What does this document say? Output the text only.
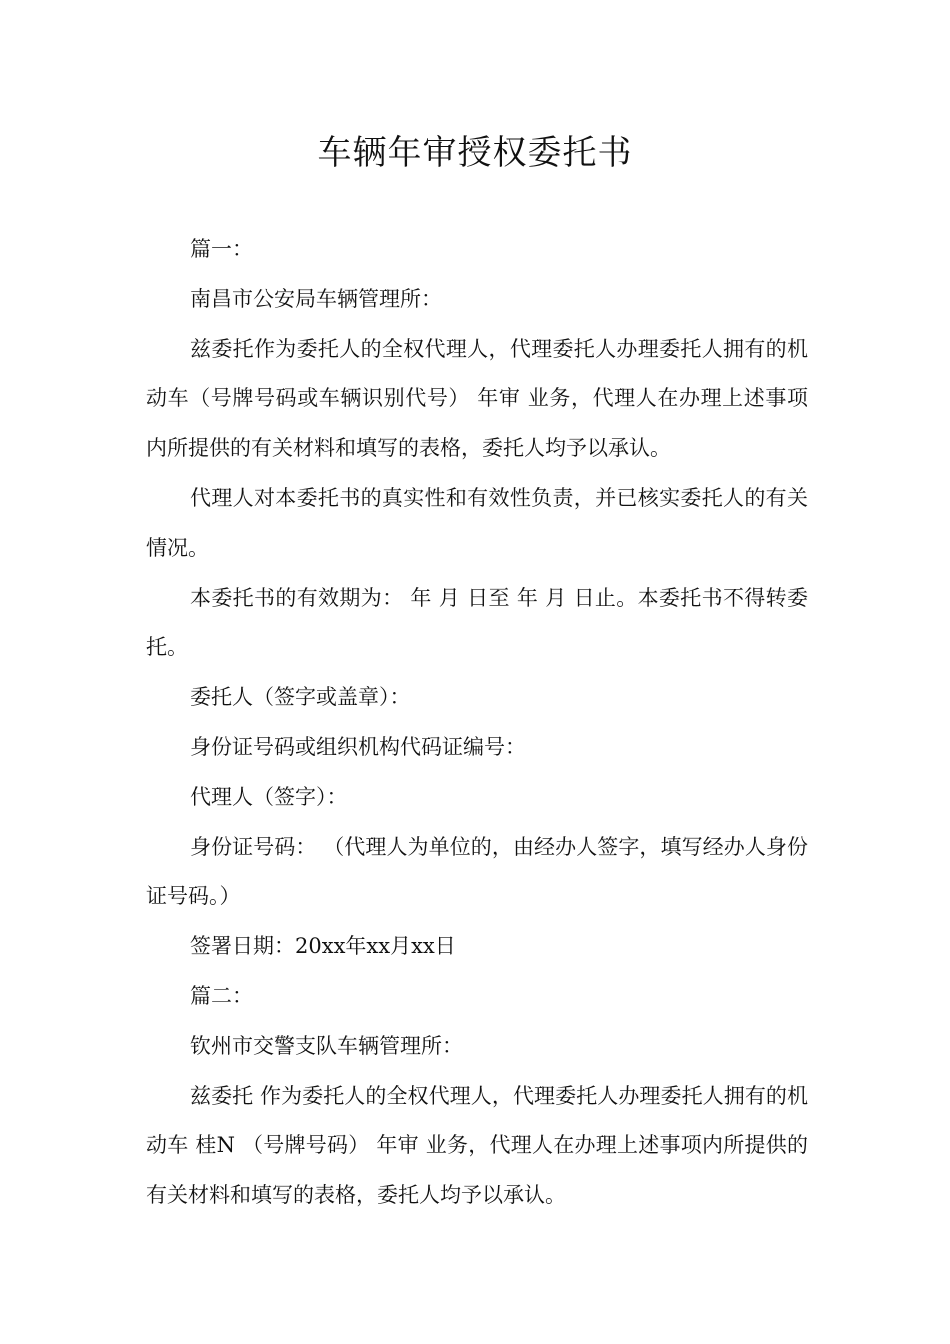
车辆年审授权委托书

篇一：

南昌市公安局车辆管理所：

兹委托作为委托人的全权代理人，代理委托人办理委托人拥有的机动车（号牌号码或车辆识别代号） 年审 业务，代理人在办理上述事项内所提供的有关材料和填写的表格，委托人均予以承认。

代理人对本委托书的真实性和有效性负责，并已核实委托人的有关情况。

本委托书的有效期为： 年 月 日至 年 月 日止。本委托书不得转委托。

委托人（签字或盖章）：

身份证号码或组织机构代码证编号：

代理人（签字）：

身份证号码： （代理人为单位的，由经办人签字，填写经办人身份证号码。）

签署日期：20xx年xx月xx日

篇二：

钦州市交警支队车辆管理所：

兹委托 作为委托人的全权代理人，代理委托人办理委托人拥有的机动车 桂N （号牌号码） 年审 业务，代理人在办理上述事项内所提供的有关材料和填写的表格，委托人均予以承认。
